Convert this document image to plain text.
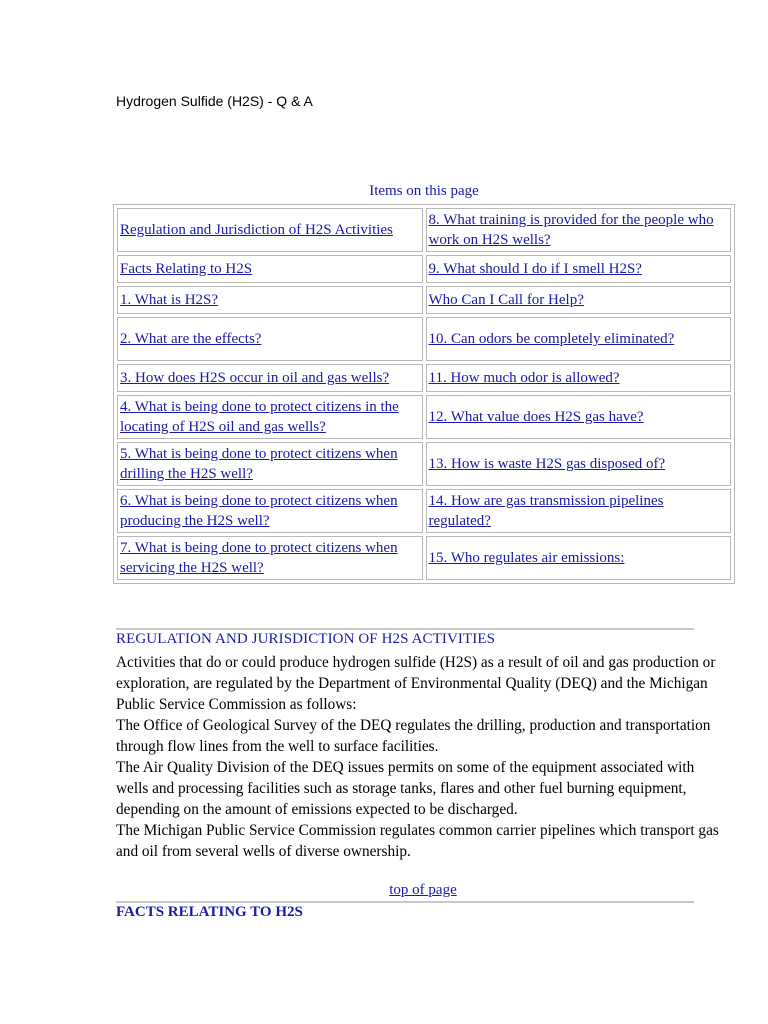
Hydrogen Sulfide (H2S) - Q & A
Items on this page
Regulation and Jurisdiction of H2S Activities	8. What training is provided for the people who work on H2S wells?
Facts Relating to H2S	9. What should I do if I smell H2S?
1. What is H2S?	Who Can I Call for Help?
2. What are the effects?	10. Can odors be completely eliminated?
3. How does H2S occur in oil and gas wells?	11. How much odor is allowed?
4. What is being done to protect citizens in the locating of H2S oil and gas wells?	12. What value does H2S gas have?
5. What is being done to protect citizens when drilling the H2S well?	13. How is waste H2S gas disposed of?
6. What is being done to protect citizens when producing the H2S well?	14. How are gas transmission pipelines regulated?
7. What is being done to protect citizens when servicing the H2S well?	15. Who regulates air emissions:
REGULATION AND JURISDICTION OF H2S ACTIVITIES

Activities that do or could produce hydrogen sulfide (H2S) as a result of oil and gas production or exploration, are regulated by the Department of Environmental Quality (DEQ) and the Michigan Public Service Commission as follows:

The Office of Geological Survey of the DEQ regulates the drilling, production and transportation through flow lines from the well to surface facilities.

The Air Quality Division of the DEQ issues permits on some of the equipment associated with wells and processing facilities such as storage tanks, flares and other fuel burning equipment, depending on the amount of emissions expected to be discharged.

The Michigan Public Service Commission regulates common carrier pipelines which transport gas and oil from several wells of diverse ownership.

top of page
FACTS RELATING TO H2S
